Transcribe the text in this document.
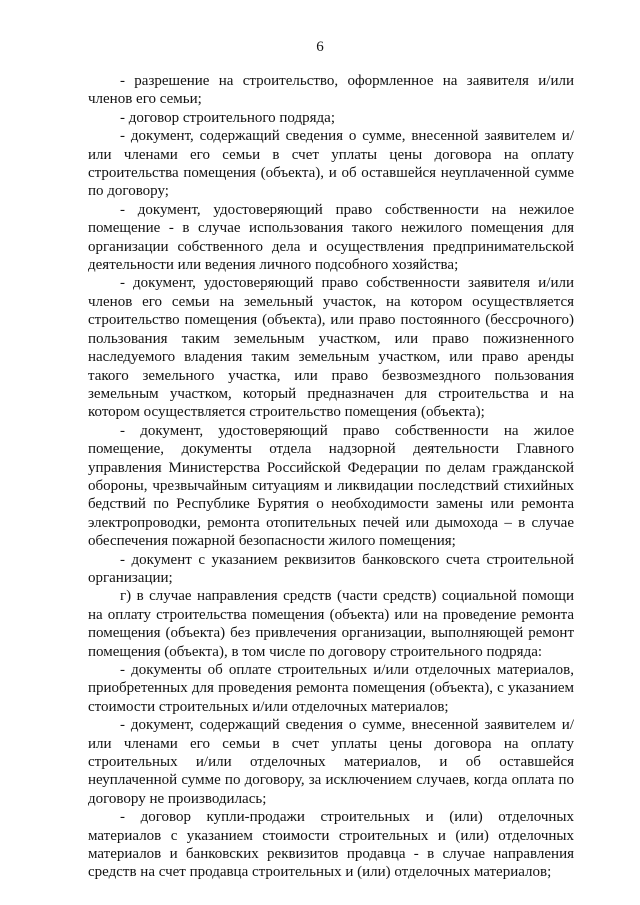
6

- разрешение на строительство, оформленное на заявителя и/или членов его семьи;

- договор строительного подряда;

- документ, содержащий сведения о сумме, внесенной заявителем и/или членами его семьи в счет уплаты цены договора на оплату строительства помещения (объекта), и об оставшейся неуплаченной сумме по договору;

- документ, удостоверяющий право собственности на нежилое помещение - в случае использования такого нежилого помещения для организации собственного дела и осуществления предпринимательской деятельности или ведения личного подсобного хозяйства;

- документ, удостоверяющий право собственности заявителя и/или членов его семьи на земельный участок, на котором осуществляется строительство помещения (объекта), или право постоянного (бессрочного) пользования таким земельным участком, или право пожизненного наследуемого владения таким земельным участком, или право аренды такого земельного участка, или право безвозмездного пользования земельным участком, который предназначен для строительства и на котором осуществляется строительство помещения (объекта);

- документ, удостоверяющий право собственности на жилое помещение, документы отдела надзорной деятельности Главного управления Министерства Российской Федерации по делам гражданской обороны, чрезвычайным ситуациям и ликвидации последствий стихийных бедствий по Республике Бурятия о необходимости замены или ремонта электропроводки, ремонта отопительных печей или дымохода – в случае обеспечения пожарной безопасности жилого помещения;

- документ с указанием реквизитов банковского счета строительной организации;

г) в случае направления средств (части средств) социальной помощи на оплату строительства помещения (объекта) или на проведение ремонта помещения (объекта) без привлечения организации, выполняющей ремонт помещения (объекта), в том числе по договору строительного подряда:

- документы об оплате строительных и/или отделочных материалов, приобретенных для проведения ремонта помещения (объекта), с указанием стоимости строительных и/или отделочных материалов;

- документ, содержащий сведения о сумме, внесенной заявителем и/или членами его семьи в счет уплаты цены договора на оплату строительных и/или отделочных материалов, и об оставшейся неуплаченной сумме по договору, за исключением случаев, когда оплата по договору не производилась;

- договор купли-продажи строительных и (или) отделочных материалов с указанием стоимости строительных и (или) отделочных материалов и банковских реквизитов продавца - в случае направления средств на счет продавца строительных и (или) отделочных материалов;
